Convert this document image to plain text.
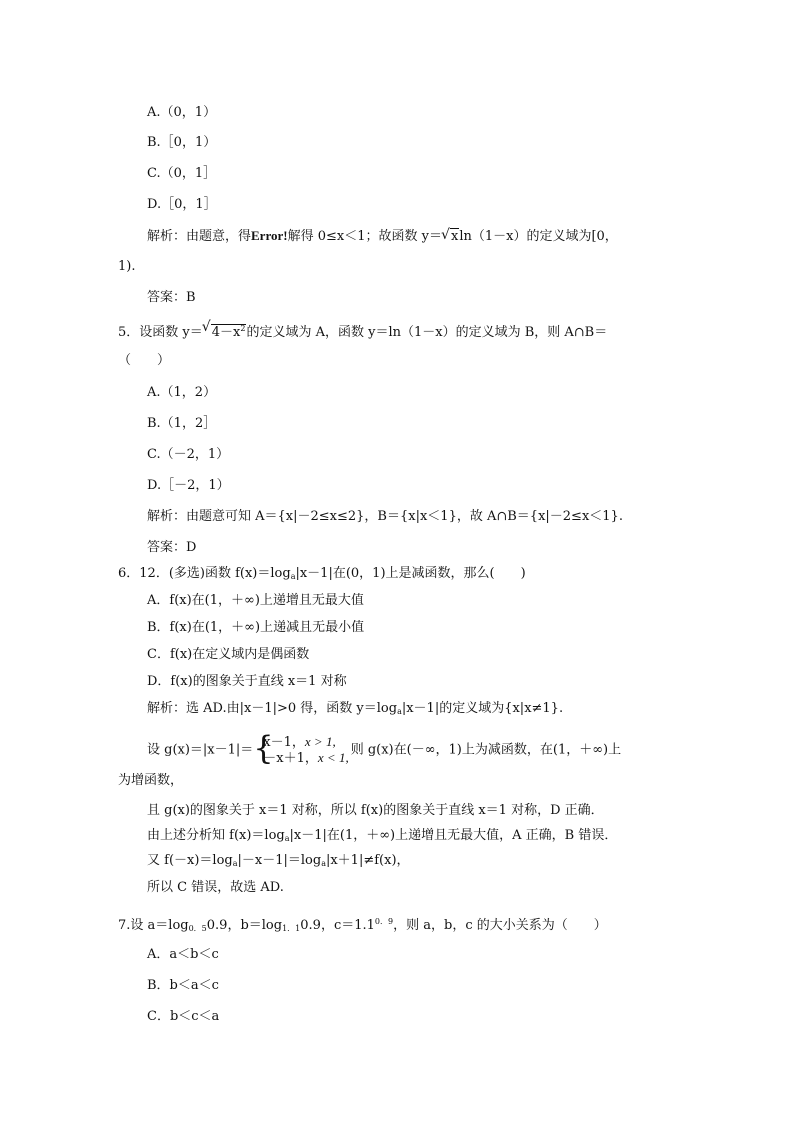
A.（0，1）
B.［0，1）
C.（0，1］
D.［0，1］
解析：由题意，得Error!解得 0≤x＜1；故函数 y＝ √ xln（1－x）的定义域为[0，
1).
答案：B
5．设函数 y＝ √ $4-x^2$的定义域为 A，函数 y＝ln（1－x）的定义域为 B，则 A∩B＝
（　　）
A.（1，2）
B.（1，2］
C.（－2，1）
D.［－2，1）
解析：由题意可知 A＝{x|－2≤x≤2}，B＝{x|x＜1}，故 A∩B＝{x|－2≤x＜1}.
答案：D
6．12．(多选)函数 $f(x)=\log_a|x-1|$在(0，1)上是减函数，那么(　　)
A．f(x)在(1，＋∞)上递增且无最大值
B．f(x)在(1，＋∞)上递减且无最小值
C．f(x)在定义域内是偶函数
D．f(x)的图象关于直线 x＝1 对称
解析：选 AD.由|x－1|>0 得，函数 $y=\log_a|x-1|$的定义域为{x|x≠1}.
设 g(x)＝|x－1|＝ {
x－1，x > 1,
－x＋1，x < 1, 则 g(x)在(－∞，1)上为减函数，在(1，＋∞)上
为增函数，
且 g(x)的图象关于 x＝1 对称，所以 f(x)的图象关于直线 x＝1 对称，D 正确．
由上述分析知 $f(x)=\log_a|x-1|$在(1，＋∞)上递增且无最大值，A 正确，B 错误．
又 $f(-x)=\log_a|-x-1|=\log_a|x+1|\ne f(x)$，
所以 C 错误，故选 AD.
7.设 $a=\log_{0.5}0.9$，$b=\log_{1.1}0.9$，$c=1.1^{0.9}$，则 a，b，c 的大小关系为（　　）
A．a＜b＜c
B．b＜a＜c
C．b＜c＜a
